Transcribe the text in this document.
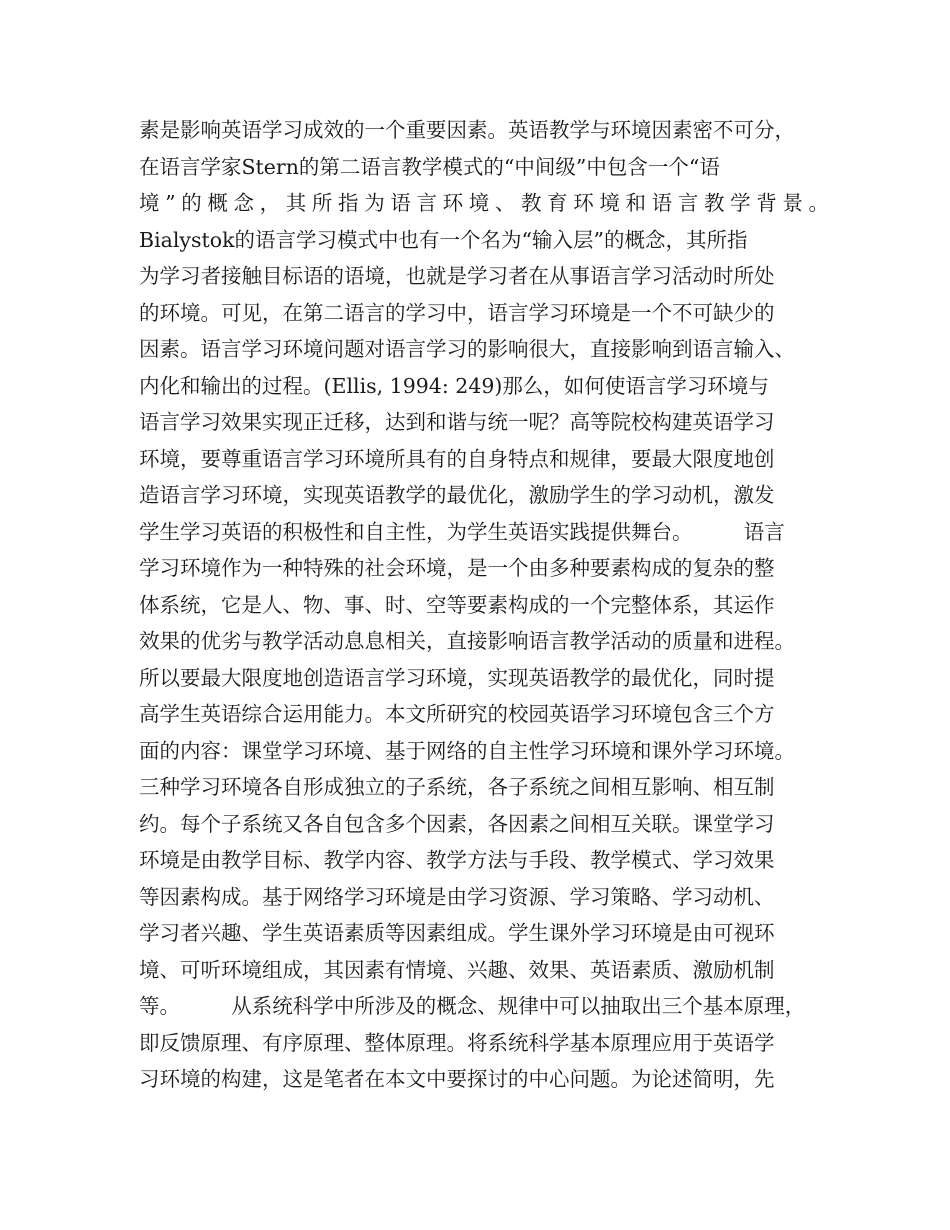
素是影响英语学习成效的一个重要因素。英语教学与环境因素密不可分，
在语言学家Stern的第二语言教学模式的“中间级”中包含一个“语
境”的概念，其所指为语言环境、教育环境和语言教学背景。
Bialystok的语言学习模式中也有一个名为“输入层”的概念，其所指
为学习者接触目标语的语境，也就是学习者在从事语言学习活动时所处
的环境。可见，在第二语言的学习中，语言学习环境是一个不可缺少的
因素。语言学习环境问题对语言学习的影响很大，直接影响到语言输入、
内化和输出的过程。(Ellis, 1994: 249)那么，如何使语言学习环境与
语言学习效果实现正迁移，达到和谐与统一呢？高等院校构建英语学习
环境，要尊重语言学习环境所具有的自身特点和规律，要最大限度地创
造语言学习环境，实现英语教学的最优化，激励学生的学习动机，激发
学生学习英语的积极性和自主性，为学生英语实践提供舞台。　　　语言
学习环境作为一种特殊的社会环境，是一个由多种要素构成的复杂的整
体系统，它是人、物、事、时、空等要素构成的一个完整体系，其运作
效果的优劣与教学活动息息相关，直接影响语言教学活动的质量和进程。
所以要最大限度地创造语言学习环境，实现英语教学的最优化，同时提
高学生英语综合运用能力。本文所研究的校园英语学习环境包含三个方
面的内容：课堂学习环境、基于网络的自主性学习环境和课外学习环境。
三种学习环境各自形成独立的子系统，各子系统之间相互影响、相互制
约。每个子系统又各自包含多个因素，各因素之间相互关联。课堂学习
环境是由教学目标、教学内容、教学方法与手段、教学模式、学习效果
等因素构成。基于网络学习环境是由学习资源、学习策略、学习动机、
学习者兴趣、学生英语素质等因素组成。学生课外学习环境是由可视环
境、可听环境组成，其因素有情境、兴趣、效果、英语素质、激励机制
等。　　　从系统科学中所涉及的概念、规律中可以抽取出三个基本原理，
即反馈原理、有序原理、整体原理。将系统科学基本原理应用于英语学
习环境的构建，这是笔者在本文中要探讨的中心问题。为论述简明，先
